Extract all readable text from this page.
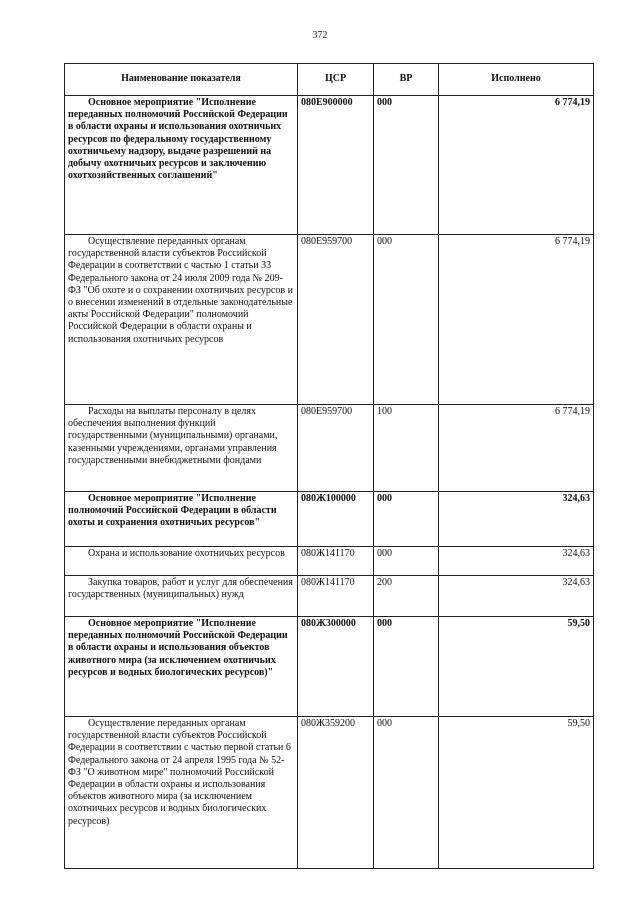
372
Наименование показателя	ЦСР	ВР	Исполнено
Основное мероприятие "Исполнение переданных полномочий Российской Федерации в области охраны и использования охотничьих ресурсов по федеральному государственному охотничьему надзору, выдаче разрешений на добычу охотничьих ресурсов и заключению охотхозяйственных соглашений"	080Е900000	000	6 774,19
Осуществление переданных органам государственной власти субъектов Российской Федерации в соответствии с частью 1 статьи 33 Федерального закона от 24 июля 2009 года № 209-ФЗ "Об охоте и о сохранении охотничьих ресурсов и о внесении изменений в отдельные законодательные акты Российской Федерации" полномочий Российской Федерации в области охраны и использования охотничьих ресурсов	080Е959700	000	6 774,19
Расходы на выплаты персоналу в целях обеспечения выполнения функций государственными (муниципальными) органами, казенными учреждениями, органами управления государственными внебюджетными фондами	080Е959700	100	6 774,19
Основное мероприятие "Исполнение полномочий Российской Федерации в области охоты и сохранения охотничьих ресурсов"	080Ж100000	000	324,63
Охрана и использование охотничьих ресурсов	080Ж141170	000	324,63
Закупка товаров, работ и услуг для обеспечения государственных (муниципальных) нужд	080Ж141170	200	324,63
Основное мероприятие "Исполнение переданных полномочий Российской Федерации в области охраны и использования объектов животного мира (за исключением охотничьих ресурсов и водных биологических ресурсов)"	080Ж300000	000	59,50
Осуществление переданных органам государственной власти субъектов Российской Федерации в соответствии с частью первой статьи 6 Федерального закона от 24 апреля 1995 года № 52-ФЗ "О животном мире" полномочий Российской Федерации в области охраны и использования объектов животного мира (за исключением охотничьих ресурсов и водных биологических ресурсов)	080Ж359200	000	59,50
